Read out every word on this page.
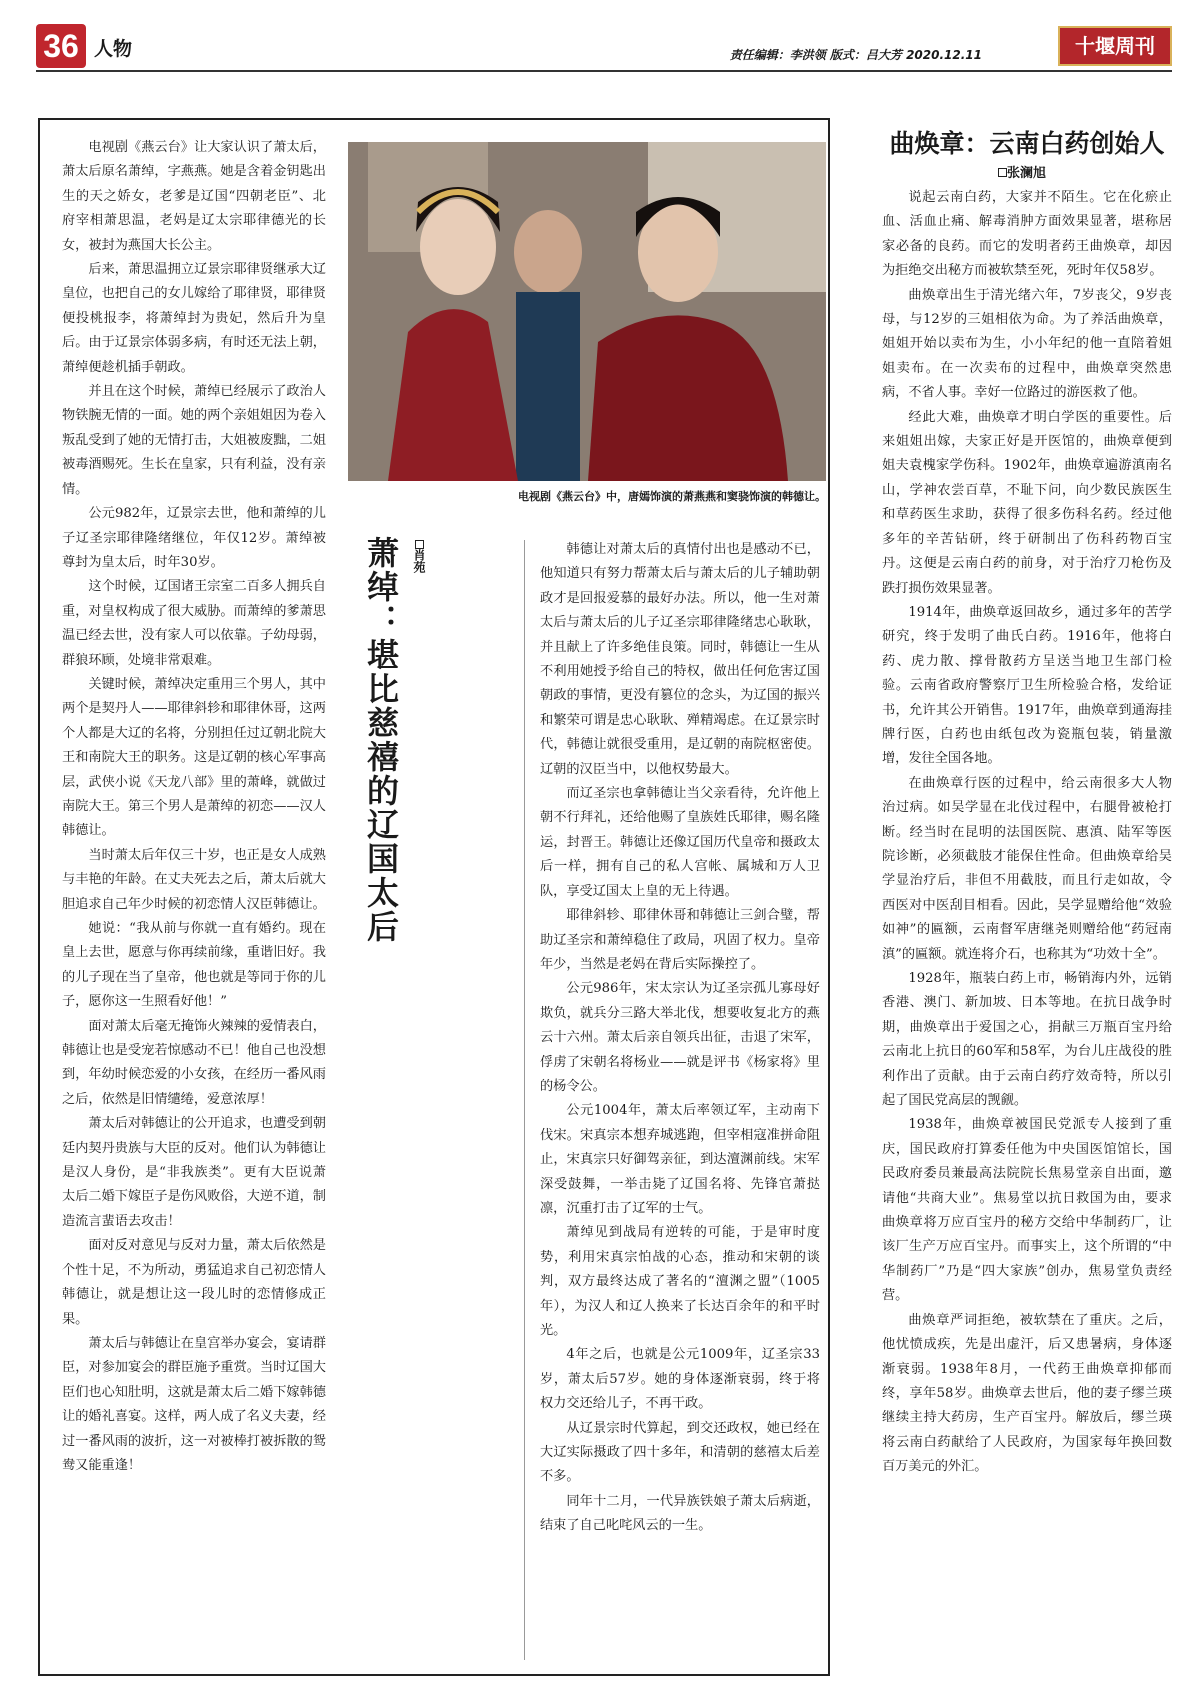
36 人物	责任编辑：李洪领 版式：吕大芳 2020.12.11	十堰周刊

电视剧《燕云台》让大家认识了萧太后，萧太后原名萧绰，字燕燕。她是含着金钥匙出生的天之娇女，老爹是辽国“四朝老臣”、北府宰相萧思温，老妈是辽太宗耶律德光的长女，被封为燕国大长公主。

后来，萧思温拥立辽景宗耶律贤继承大辽皇位，也把自己的女儿嫁给了耶律贤，耶律贤便投桃报李，将萧绰封为贵妃，然后升为皇后。由于辽景宗体弱多病，有时还无法上朝，萧绰便趁机插手朝政。

并且在这个时候，萧绰已经展示了政治人物铁腕无情的一面。她的两个亲姐姐因为卷入叛乱受到了她的无情打击，大姐被废黜，二姐被毒酒赐死。生长在皇家，只有利益，没有亲情。

公元982年，辽景宗去世，他和萧绰的儿子辽圣宗耶律隆绪继位，年仅12岁。萧绰被尊封为皇太后，时年30岁。

这个时候，辽国诸王宗室二百多人拥兵自重，对皇权构成了很大威胁。而萧绰的爹萧思温已经去世，没有家人可以依靠。子幼母弱，群狼环顾，处境非常艰难。

关键时候，萧绰决定重用三个男人，其中两个是契丹人——耶律斜轸和耶律休哥，这两个人都是大辽的名将，分别担任过辽朝北院大王和南院大王的职务。这是辽朝的核心军事高层，武侠小说《天龙八部》里的萧峰，就做过南院大王。第三个男人是萧绰的初恋——汉人韩德让。

当时萧太后年仅三十岁，也正是女人成熟与丰艳的年龄。在丈夫死去之后，萧太后就大胆追求自己年少时候的初恋情人汉臣韩德让。

她说：“我从前与你就一直有婚约。现在皇上去世，愿意与你再续前缘，重谐旧好。我的儿子现在当了皇帝，他也就是等同于你的儿子，愿你这一生照看好他！”

面对萧太后毫无掩饰火辣辣的爱情表白，韩德让也是受宠若惊感动不已！他自己也没想到，年幼时候恋爱的小女孩，在经历一番风雨之后，依然是旧情缱绻，爱意浓厚！

萧太后对韩德让的公开追求，也遭受到朝廷内契丹贵族与大臣的反对。他们认为韩德让是汉人身份，是“非我族类”。更有大臣说萧太后二婚下嫁臣子是伤风败俗，大逆不道，制造流言蜚语去攻击！

面对反对意见与反对力量，萧太后依然是个性十足，不为所动，勇猛追求自己初恋情人韩德让，就是想让这一段儿时的恋情修成正果。

萧太后与韩德让在皇宫举办宴会，宴请群臣，对参加宴会的群臣施予重赏。当时辽国大臣们也心知肚明，这就是萧太后二婚下嫁韩德让的婚礼喜宴。这样，两人成了名义夫妻，经过一番风雨的波折，这一对被棒打被拆散的鸳鸯又能重逢！

电视剧《燕云台》中，唐嫣饰演的萧燕燕和窦骁饰演的韩德让。
萧绰：堪比慈禧的辽国太后	肖苑	韩德让对萧太后的真情付出也是感动不已，他知道只有努力帮萧太后与萧太后的儿子辅助朝政才是回报爱慕的最好办法。所以，他一生对萧太后与萧太后的儿子辽圣宗耶律隆绪忠心耿耿，并且献上了许多绝佳良策。同时，韩德让一生从不利用她授予给自己的特权，做出任何危害辽国朝政的事情，更没有篡位的念头，为辽国的振兴和繁荣可谓是忠心耿耿、殚精竭虑。在辽景宗时代，韩德让就很受重用，是辽朝的南院枢密使。辽朝的汉臣当中，以他权势最大。

而辽圣宗也拿韩德让当父亲看待，允许他上朝不行拜礼，还给他赐了皇族姓氏耶律，赐名隆运，封晋王。韩德让还像辽国历代皇帝和摄政太后一样，拥有自己的私人宫帐、属城和万人卫队，享受辽国太上皇的无上待遇。

耶律斜轸、耶律休哥和韩德让三剑合璧，帮助辽圣宗和萧绰稳住了政局，巩固了权力。皇帝年少，当然是老妈在背后实际操控了。

公元986年，宋太宗认为辽圣宗孤儿寡母好欺负，就兵分三路大举北伐，想要收复北方的燕云十六州。萧太后亲自领兵出征，击退了宋军，俘虏了宋朝名将杨业——就是评书《杨家将》里的杨令公。

公元1004年，萧太后率领辽军，主动南下伐宋。宋真宗本想弃城逃跑，但宰相寇准拼命阻止，宋真宗只好御驾亲征，到达澶渊前线。宋军深受鼓舞，一举击毙了辽国名将、先锋官萧挞凛，沉重打击了辽军的士气。

萧绰见到战局有逆转的可能，于是审时度势，利用宋真宗怕战的心态，推动和宋朝的谈判，双方最终达成了著名的“澶渊之盟”（1005年），为汉人和辽人换来了长达百余年的和平时光。

4年之后，也就是公元1009年，辽圣宗33岁，萧太后57岁。她的身体逐渐衰弱，终于将权力交还给儿子，不再干政。

从辽景宗时代算起，到交还政权，她已经在大辽实际摄政了四十多年，和清朝的慈禧太后差不多。

同年十二月，一代异族铁娘子萧太后病逝，结束了自己叱咤风云的一生。

曲焕章：云南白药创始人
张澜旭

说起云南白药，大家并不陌生。它在化瘀止血、活血止痛、解毒消肿方面效果显著，堪称居家必备的良药。而它的发明者药王曲焕章，却因为拒绝交出秘方而被软禁至死，死时年仅58岁。

曲焕章出生于清光绪六年，7岁丧父，9岁丧母，与12岁的三姐相依为命。为了养活曲焕章，姐姐开始以卖布为生，小小年纪的他一直陪着姐姐卖布。在一次卖布的过程中，曲焕章突然患病，不省人事。幸好一位路过的游医救了他。

经此大难，曲焕章才明白学医的重要性。后来姐姐出嫁，夫家正好是开医馆的，曲焕章便到姐夫袁槐家学伤科。1902年，曲焕章遍游滇南名山，学神农尝百草，不耻下问，向少数民族医生和草药医生求助，获得了很多伤科名药。经过他多年的辛苦钻研，终于研制出了伤科药物百宝丹。这便是云南白药的前身，对于治疗刀枪伤及跌打损伤效果显著。

1914年，曲焕章返回故乡，通过多年的苦学研究，终于发明了曲氏白药。1916年，他将白药、虎力散、撑骨散药方呈送当地卫生部门检验。云南省政府警察厅卫生所检验合格，发给证书，允许其公开销售。1917年，曲焕章到通海挂牌行医，白药也由纸包改为瓷瓶包装，销量激增，发往全国各地。

在曲焕章行医的过程中，给云南很多大人物治过病。如吴学显在北伐过程中，右腿骨被枪打断。经当时在昆明的法国医院、惠滇、陆军等医院诊断，必须截肢才能保住性命。但曲焕章给吴学显治疗后，非但不用截肢，而且行走如故，令西医对中医刮目相看。因此，吴学显赠给他“效验如神”的匾额，云南督军唐继尧则赠给他“药冠南滇”的匾额。就连将介石，也称其为“功效十全”。

1928年，瓶装白药上市，畅销海内外，远销香港、澳门、新加坡、日本等地。在抗日战争时期，曲焕章出于爱国之心，捐献三万瓶百宝丹给云南北上抗日的60军和58军，为台儿庄战役的胜利作出了贡献。由于云南白药疗效奇特，所以引起了国民党高层的觊觎。

1938年，曲焕章被国民党派专人接到了重庆，国民政府打算委任他为中央国医馆馆长，国民政府委员兼最高法院院长焦易堂亲自出面，邀请他“共商大业”。焦易堂以抗日救国为由，要求曲焕章将万应百宝丹的秘方交给中华制药厂，让该厂生产万应百宝丹。而事实上，这个所谓的“中华制药厂”乃是“四大家族”创办，焦易堂负责经营。

曲焕章严词拒绝，被软禁在了重庆。之后，他忧愤成疾，先是出虚汗，后又患暑病，身体逐渐衰弱。1938年8月，一代药王曲焕章抑郁而终，享年58岁。曲焕章去世后，他的妻子缪兰瑛继续主持大药房，生产百宝丹。解放后，缪兰瑛将云南白药献给了人民政府，为国家每年换回数百万美元的外汇。
